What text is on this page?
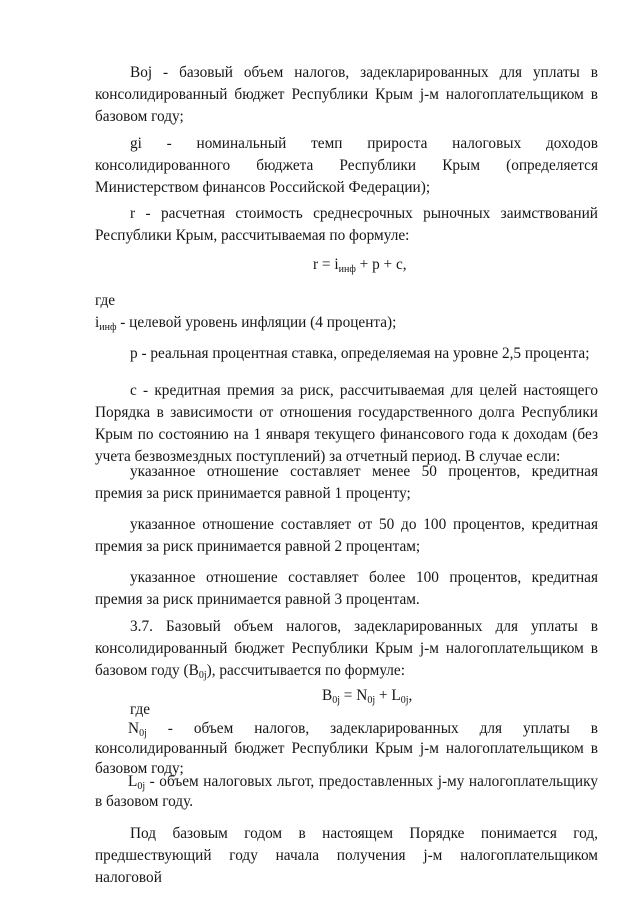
Boj - базовый объем налогов, задекларированных для уплаты в консолидированный бюджет Республики Крым j-м налогоплательщиком в базовом году;

gi - номинальный темп прироста налоговых доходов консолидированного бюджета Республики Крым (определяется Министерством финансов Российской Федерации);

r - расчетная стоимость среднесрочных рыночных заимствований Республики Крым, рассчитываемая по формуле:

$r = i_{инф} + p + c$,
где
$i_{инф}$ - целевой уровень инфляции (4 процента);

p - реальная процентная ставка, определяемая на уровне 2,5 процента;

c - кредитная премия за риск, рассчитываемая для целей настоящего Порядка в зависимости от отношения государственного долга Республики Крым по состоянию на 1 января текущего финансового года к доходам (без учета безвозмездных поступлений) за отчетный период. В случае если:

указанное отношение составляет менее 50 процентов, кредитная премия за риск принимается равной 1 проценту;

указанное отношение составляет от 50 до 100 процентов, кредитная премия за риск принимается равной 2 процентам;

указанное отношение составляет более 100 процентов, кредитная премия за риск принимается равной 3 процентам.

3.7. Базовый объем налогов, задекларированных для уплаты в консолидированный бюджет Республики Крым j-м налогоплательщиком в базовом году $(B_{0j})$, рассчитывается по формуле:

$B_{0j} = N_{0j} + L_{0j}$,
где

$N_{0j}$ - объем налогов, задекларированных для уплаты в консолидированный бюджет Республики Крым j-м налогоплательщиком в базовом году;

$L_{0j}$ - объем налоговых льгот, предоставленных j-му налогоплательщику в базовом году.

Под базовым годом в настоящем Порядке понимается год,
предшествующий году начала получения j-м налогоплательщиком налоговой
